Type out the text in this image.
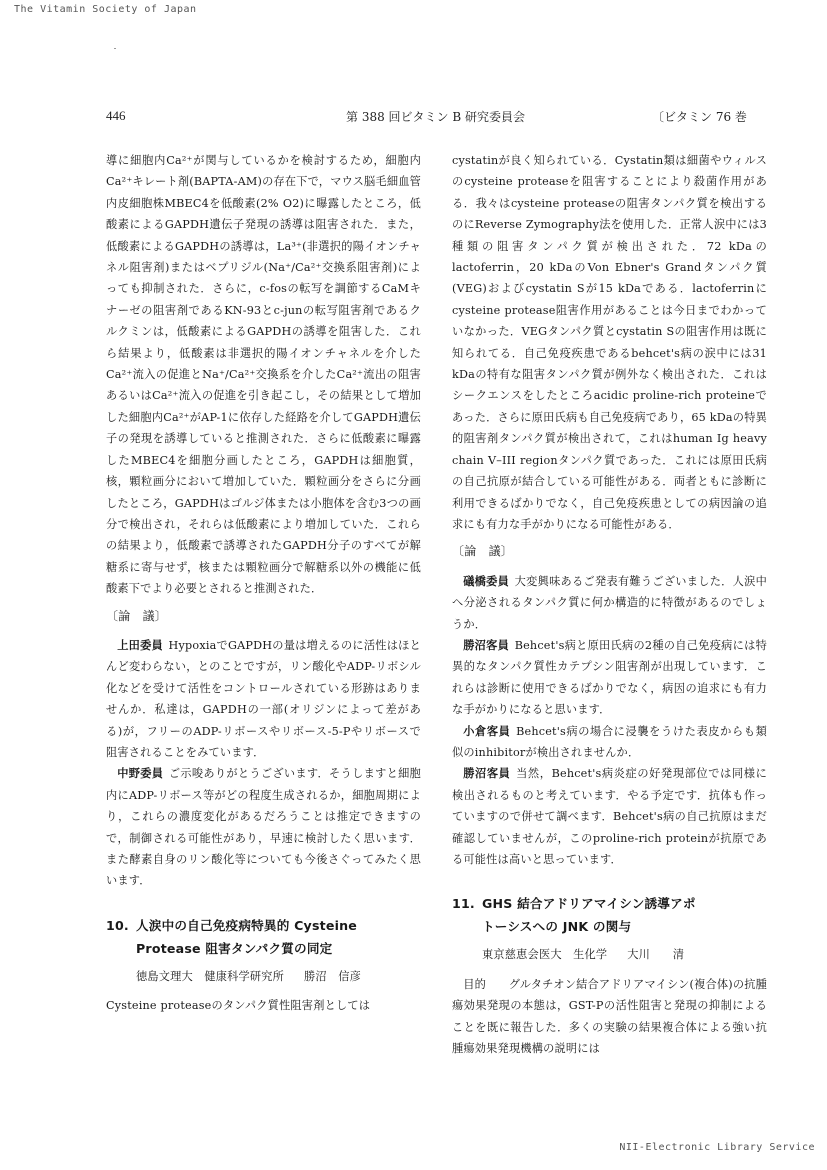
The Vitamin Society of Japan
446	第 388 回ビタミン B 研究委員会	〔ビタミン 76 巻

導に細胞内Ca²⁺が関与しているかを検討するため，細胞内Ca²⁺キレート剤(BAPTA-AM)の存在下で，マウス脳毛細血管内皮細胞株MBEC4を低酸素(2% O2)に曝露したところ，低酸素によるGAPDH遺伝子発現の誘導は阻害された．また，低酸素によるGAPDHの誘導は，La³⁺(非選択的陽イオンチャネル阻害剤)またはベプリジル(Na⁺/Ca²⁺交換系阻害剤)によっても抑制された．さらに，c-fosの転写を調節するCaMキナーゼの阻害剤であるKN-93とc-junの転写阻害剤であるクルクミンは，低酸素によるGAPDHの誘導を阻害した．これら結果より，低酸素は非選択的陽イオンチャネルを介したCa²⁺流入の促進とNa⁺/Ca²⁺交換系を介したCa²⁺流出の阻害あるいはCa²⁺流入の促進を引き起こし，その結果として増加した細胞内Ca²⁺がAP-1に依存した経路を介してGAPDH遺伝子の発現を誘導していると推測された．さらに低酸素に曝露したMBEC4を細胞分画したところ，GAPDHは細胞質，核，顆粒画分において増加していた．顆粒画分をさらに分画したところ，GAPDHはゴルジ体または小胞体を含む3つの画分で検出され，それらは低酸素により増加していた．これらの結果より，低酸素で誘導されたGAPDH分子のすべてが解糖系に寄与せず，核または顆粒画分で解糖系以外の機能に低酸素下でより必要とされると推測された．

〔論　議〕

上田委員 HypoxiaでGAPDHの量は増えるのに活性はほとんど変わらない，とのことですが，リン酸化やADP-リボシル化などを受けて活性をコントロールされている形跡はありませんか．私達は，GAPDHの一部(オリジンによって差がある)が，フリーのADP-リボースやリボース-5-Pやリボースで阻害されることをみています．

中野委員 ご示唆ありがとうございます．そうしますと細胞内にADP-リボース等がどの程度生成されるか，細胞周期により，これらの濃度変化があるだろうことは推定できますので，制御される可能性があり，早速に検討したく思います．また酵素自身のリン酸化等についても今後さぐってみたく思います．

10. 人涙中の自己免疫病特異的 Cysteine
Protease 阻害タンパク質の同定
徳島文理大　健康科学研究所 勝沼　信彦

Cysteine proteaseのタンパク質性阻害剤としては

cystatinが良く知られている．Cystatin類は細菌やウィルスのcysteine proteaseを阻害することにより殺菌作用がある．我々はcysteine proteaseの阻害タンパク質を検出するのにReverse Zymography法を使用した．正常人涙中には3種類の阻害タンパク質が検出された．72 kDaのlactoferrin，20 kDaのVon Ebner's Grandタンパク質(VEG)およびcystatin Sが15 kDaである．lactoferrinにcysteine protease阻害作用があることは今日までわかっていなかった．VEGタンパク質とcystatin Sの阻害作用は既に知られてる．自己免疫疾患であるbehcet's病の涙中には31 kDaの特有な阻害タンパク質が例外なく検出された．これはシークエンスをしたところacidic proline-rich proteineであった．さらに原田氏病も自己免疫病であり，65 kDaの特異的阻害剤タンパク質が検出されて，これはhuman Ig heavy chain V–III regionタンパク質であった．これには原田氏病の自己抗原が結合している可能性がある．両者ともに診断に利用できるばかりでなく，自己免疫疾患としての病因論の追求にも有力な手がかりになる可能性がある．

〔論　議〕

礒橋委員 大変興味あるご発表有難うございました．人涙中へ分泌されるタンパク質に何か構造的に特徴があるのでしょうか．

勝沼客員 Behcet's病と原田氏病の2種の自己免疫病には特異的なタンパク質性カテプシン阻害剤が出現しています．これらは診断に使用できるばかりでなく，病因の追求にも有力な手がかりになると思います．

小倉客員 Behcet's病の場合に浸襲をうけた表皮からも類似のinhibitorが検出されませんか．

勝沼客員 当然，Behcet's病炎症の好発現部位では同様に検出されるものと考えています．やる予定です．抗体も作っていますので併せて調べます．Behcet's病の自己抗原はまだ確認していませんが，このproline-rich proteinが抗原である可能性は高いと思っています．

11. GHS 結合アドリアマイシン誘導アポ
トーシスへの JNK の関与
東京慈恵会医大　生化学 大川　　清

目的　　グルタチオン結合アドリアマイシン(複合体)の抗腫瘍効果発現の本態は，GST-Pの活性阻害と発現の抑制によることを既に報告した．多くの実験の結果複合体による強い抗腫瘍効果発現機構の説明には

NII-Electronic Library Service
